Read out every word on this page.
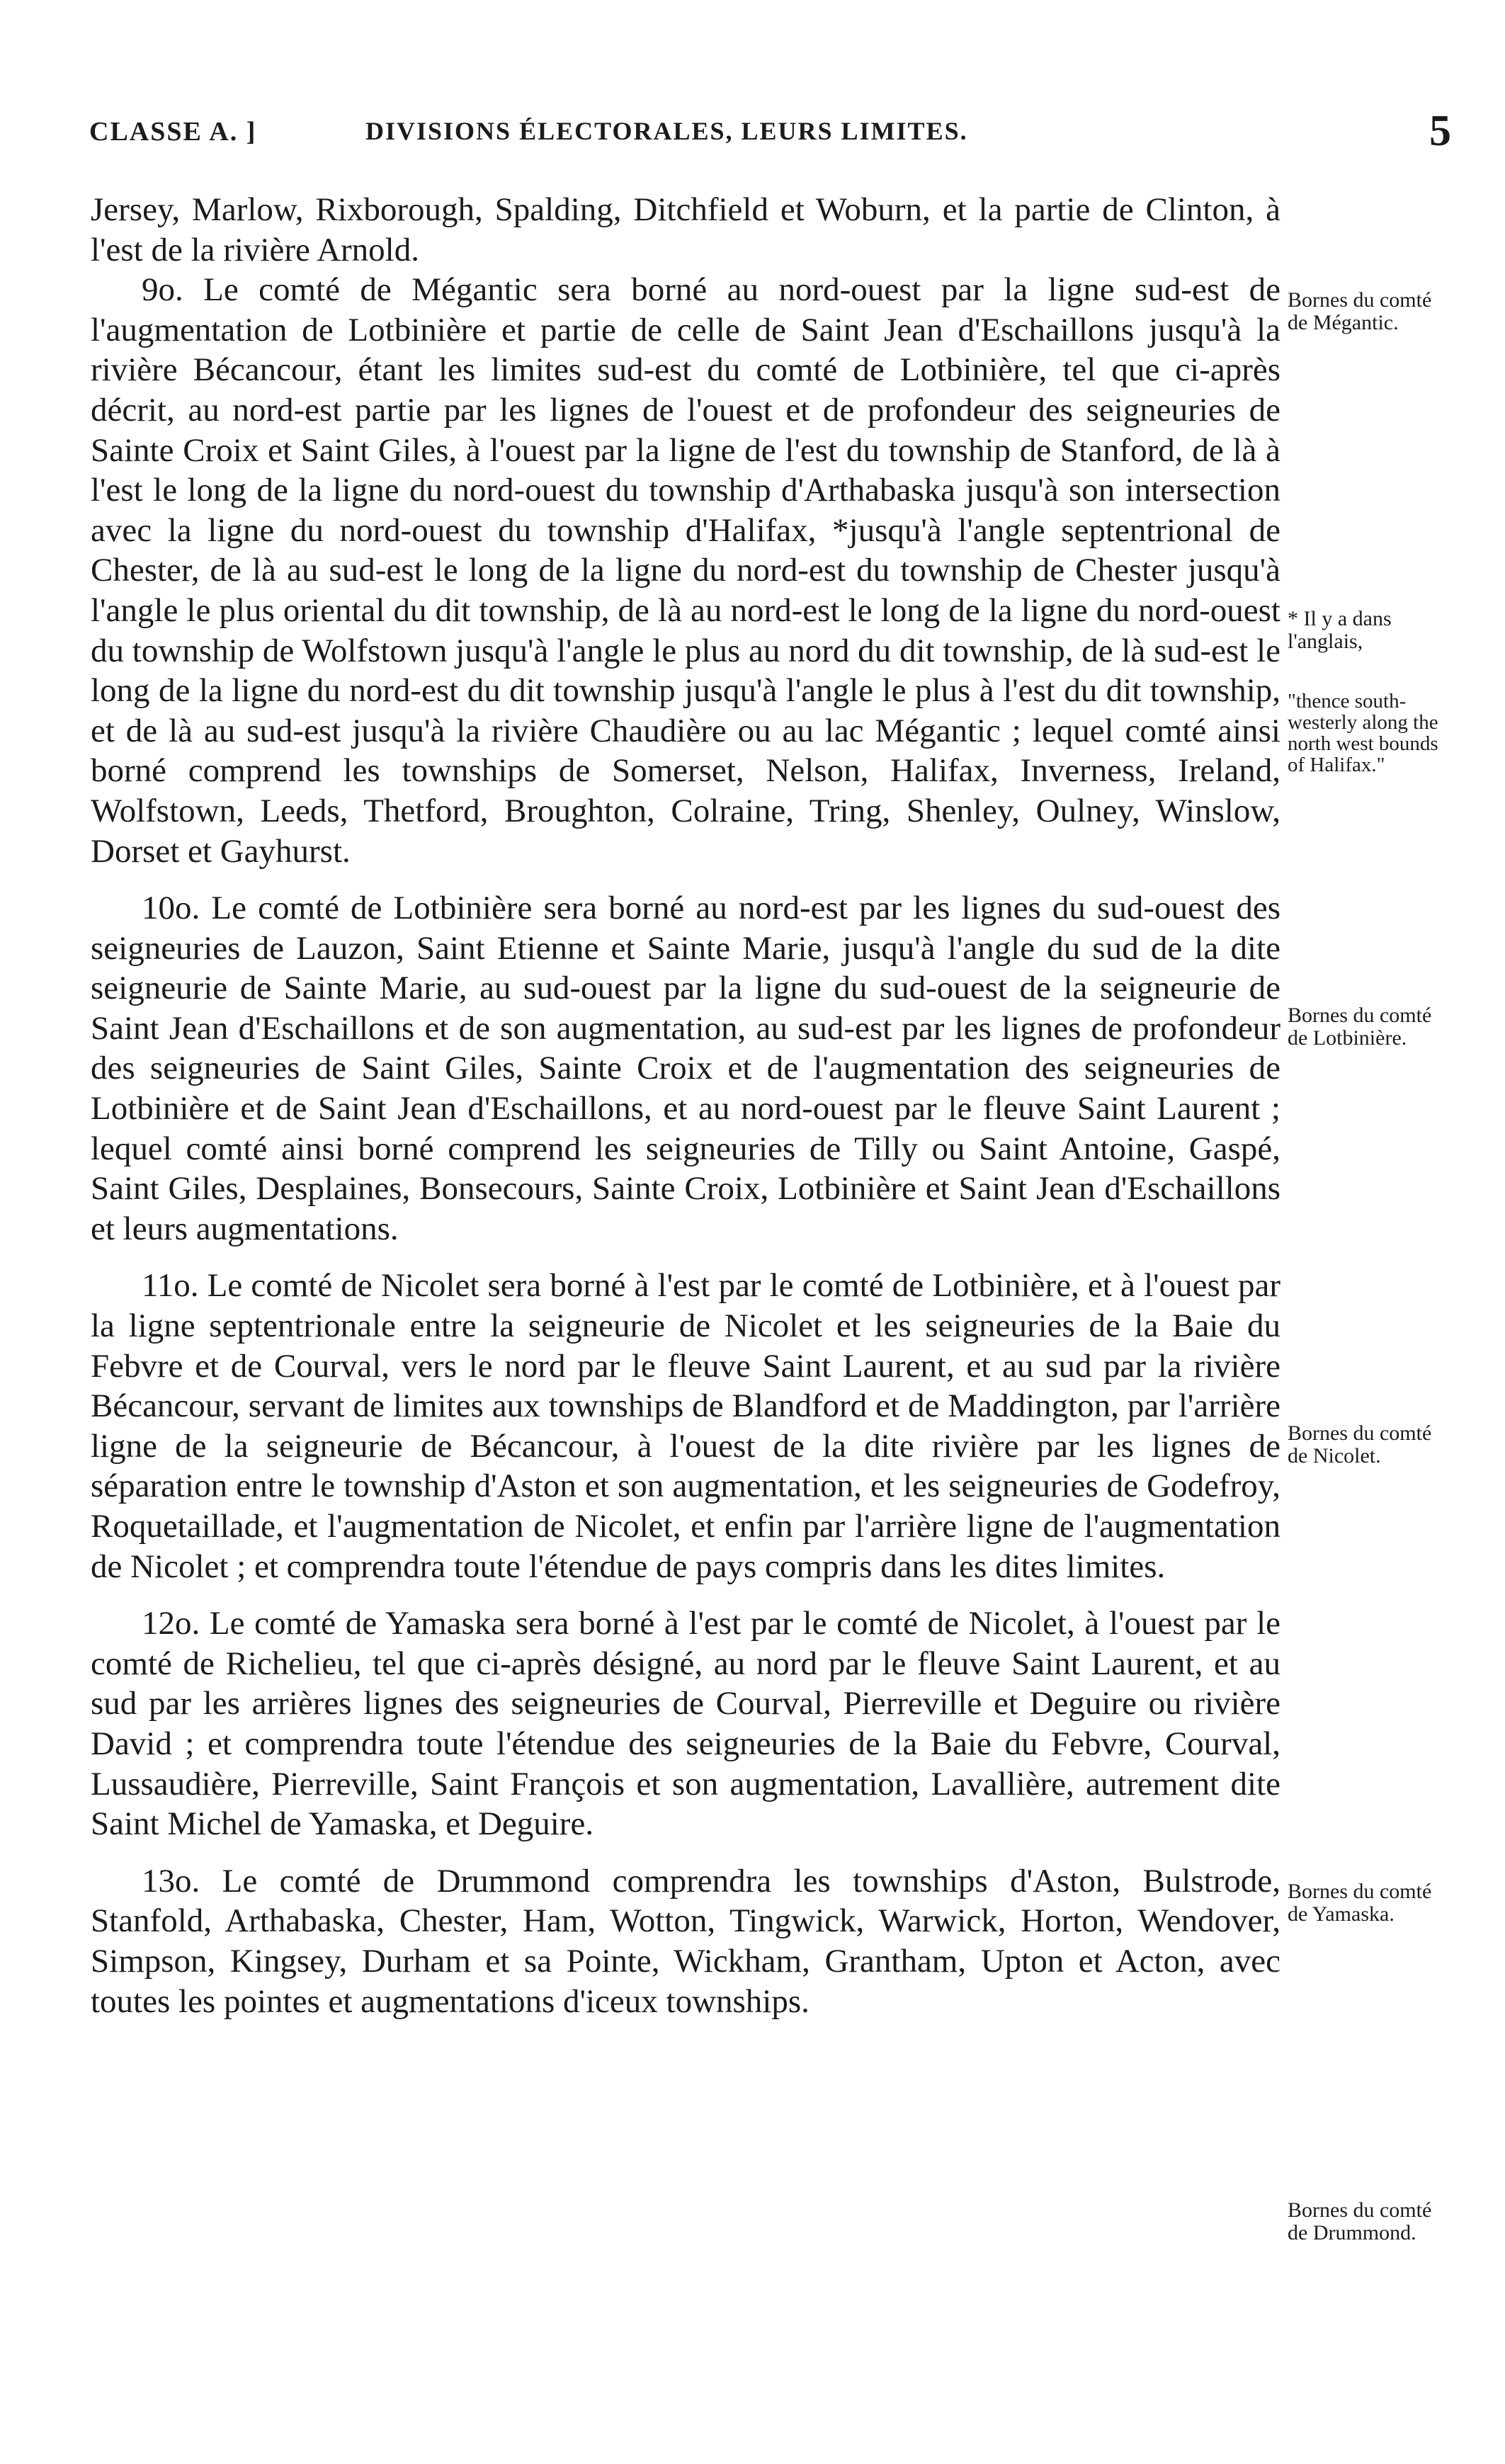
CLASSE A. ]	DIVISIONS ÉLECTORALES, LEURS LIMITES.	5

Jersey, Marlow, Rixborough, Spalding, Ditchfield et Woburn, et la partie de Clinton, à l'est de la rivière Arnold.

9o. Le comté de Mégantic sera borné au nord-ouest par la ligne sud-est de l'augmentation de Lotbinière et partie de celle de Saint Jean d'Eschaillons jusqu'à la rivière Bécancour, étant les limites sud-est du comté de Lotbinière, tel que ci-après décrit, au nord-est partie par les lignes de l'ouest et de profondeur des seigneuries de Sainte Croix et Saint Giles, à l'ouest par la ligne de l'est du township de Stanford, de là à l'est le long de la ligne du nord-ouest du township d'Arthabaska jusqu'à son intersection avec la ligne du nord-ouest du township d'Halifax, *jusqu'à l'angle septentrional de Chester, de là au sud-est le long de la ligne du nord-est du township de Chester jusqu'à l'angle le plus oriental du dit township, de là au nord-est le long de la ligne du nord-ouest du township de Wolfstown jusqu'à l'angle le plus au nord du dit township, de là sud-est le long de la ligne du nord-est du dit township jusqu'à l'angle le plus à l'est du dit township, et de là au sud-est jusqu'à la rivière Chaudière ou au lac Mégantic ; lequel comté ainsi borné comprend les townships de Somerset, Nelson, Halifax, Inverness, Ireland, Wolfstown, Leeds, Thetford, Broughton, Colraine, Tring, Shenley, Oulney, Winslow, Dorset et Gayhurst.

10o. Le comté de Lotbinière sera borné au nord-est par les lignes du sud-ouest des seigneuries de Lauzon, Saint Etienne et Sainte Marie, jusqu'à l'angle du sud de la dite seigneurie de Sainte Marie, au sud-ouest par la ligne du sud-ouest de la seigneurie de Saint Jean d'Eschaillons et de son augmentation, au sud-est par les lignes de profondeur des seigneuries de Saint Giles, Sainte Croix et de l'augmentation des seigneuries de Lotbinière et de Saint Jean d'Eschaillons, et au nord-ouest par le fleuve Saint Laurent ; lequel comté ainsi borné comprend les seigneuries de Tilly ou Saint Antoine, Gaspé, Saint Giles, Desplaines, Bonsecours, Sainte Croix, Lotbinière et Saint Jean d'Eschaillons et leurs augmentations.

11o. Le comté de Nicolet sera borné à l'est par le comté de Lotbinière, et à l'ouest par la ligne septentrionale entre la seigneurie de Nicolet et les seigneuries de la Baie du Febvre et de Courval, vers le nord par le fleuve Saint Laurent, et au sud par la rivière Bécancour, servant de limites aux townships de Blandford et de Maddington, par l'arrière ligne de la seigneurie de Bécancour, à l'ouest de la dite rivière par les lignes de séparation entre le township d'Aston et son augmentation, et les seigneuries de Godefroy, Roquetaillade, et l'augmentation de Nicolet, et enfin par l'arrière ligne de l'augmentation de Nicolet ; et comprendra toute l'étendue de pays compris dans les dites limites.

12o. Le comté de Yamaska sera borné à l'est par le comté de Nicolet, à l'ouest par le comté de Richelieu, tel que ci-après désigné, au nord par le fleuve Saint Laurent, et au sud par les arrières lignes des seigneuries de Courval, Pierreville et Deguire ou rivière David ; et comprendra toute l'étendue des seigneuries de la Baie du Febvre, Courval, Lussaudière, Pierreville, Saint François et son augmentation, Lavallière, autrement dite Saint Michel de Yamaska, et Deguire.

13o. Le comté de Drummond comprendra les townships d'Aston, Bulstrode, Stanfold, Arthabaska, Chester, Ham, Wotton, Tingwick, Warwick, Horton, Wendover, Simpson, Kingsey, Durham et sa Pointe, Wickham, Grantham, Upton et Acton, avec toutes les pointes et augmentations d'iceux townships.

Bornes du comté de Mégantic.
* Il y a dans l'anglais,
"thence south-westerly along the north west bounds of Halifax."
Bornes du comté de Lotbinière.
Bornes du comté de Nicolet.
Bornes du comté de Yamaska.
Bornes du comté de Drummond.
